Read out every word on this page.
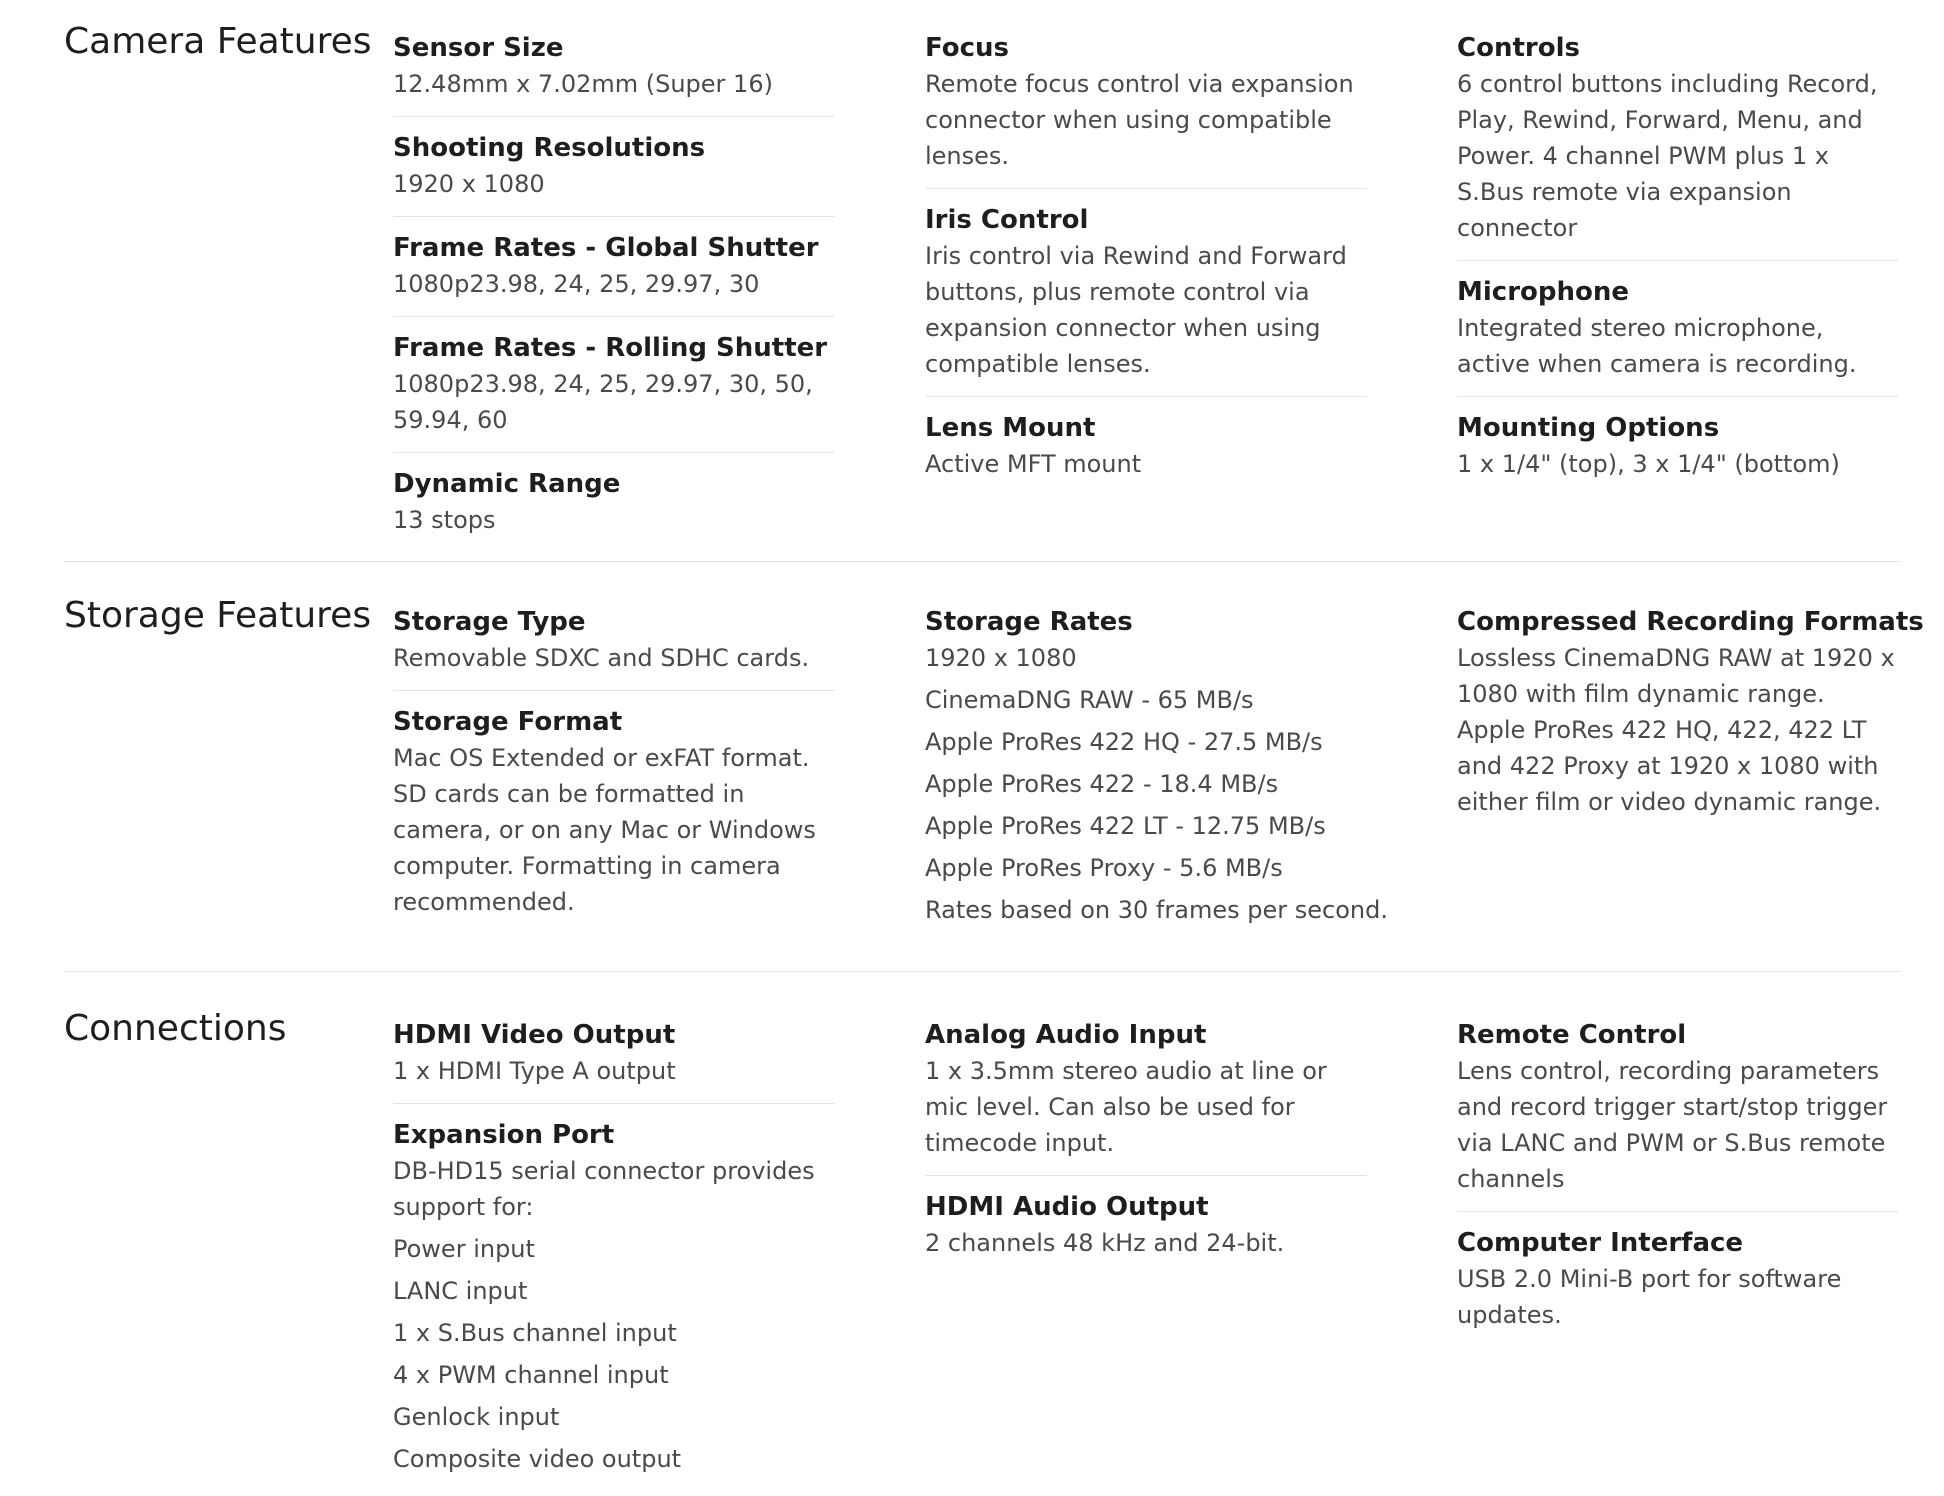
Camera Features Sensor Size

12.48mm x 7.02mm (Super 16)

Shooting Resolutions

1920 x 1080

Frame Rates - Global Shutter

1080p23.98, 24, 25, 29.97, 30

Frame Rates - Rolling Shutter

1080p23.98, 24, 25, 29.97, 30, 50, 59.94, 60

Dynamic Range

13 stops

Focus

Remote focus control via expansion connector when using compatible lenses.

Iris Control

Iris control via Rewind and Forward buttons, plus remote control via expansion connector when using compatible lenses.

Lens Mount

Active MFT mount

Controls

6 control buttons including Record, Play, Rewind, Forward, Menu, and Power. 4 channel PWM plus 1 x S.Bus remote via expansion connector

Microphone

Integrated stereo microphone, active when camera is recording.

Mounting Options

1 x 1/4" (top), 3 x 1/4" (bottom)

Storage Features Storage Type

Removable SDXC and SDHC cards.

Storage Format

Mac OS Extended or exFAT format. SD cards can be formatted in camera, or on any Mac or Windows computer. Formatting in camera recommended.

Storage Rates

1920 x 1080

CinemaDNG RAW - 65 MB/s

Apple ProRes 422 HQ - 27.5 MB/s

Apple ProRes 422 - 18.4 MB/s

Apple ProRes 422 LT - 12.75 MB/s

Apple ProRes Proxy - 5.6 MB/s

Rates based on 30 frames per second.

Compressed Recording Formats

Lossless CinemaDNG RAW at 1920 x 1080 with film dynamic range. Apple ProRes 422 HQ, 422, 422 LT and 422 Proxy at 1920 x 1080 with either film or video dynamic range.

Connections	HDMI Video Output

1 x HDMI Type A output

Expansion Port

DB-HD15 serial connector provides support for:

Power input

LANC input

1 x S.Bus channel input

4 x PWM channel input

Genlock input

Composite video output

Analog Audio Input

1 x 3.5mm stereo audio at line or mic level. Can also be used for timecode input.

HDMI Audio Output

2 channels 48 kHz and 24-bit.

Remote Control

Lens control, recording parameters and record trigger start/stop trigger via LANC and PWM or S.Bus remote channels

Computer Interface

USB 2.0 Mini-B port for software updates.
